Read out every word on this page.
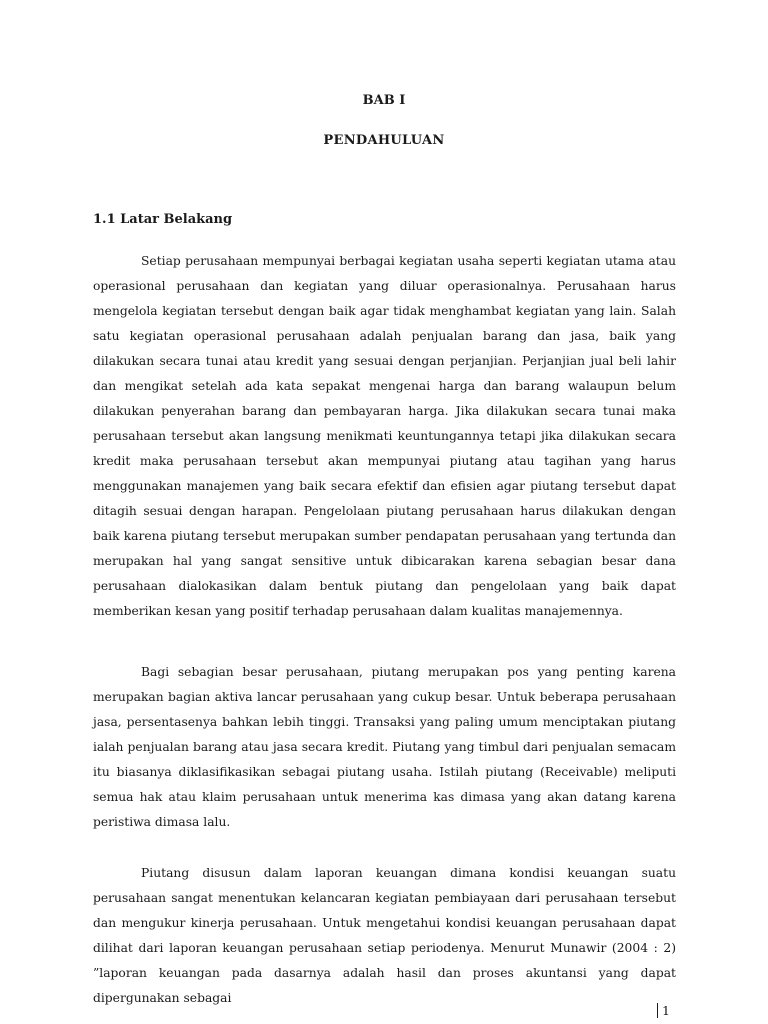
BAB I
PENDAHULUAN
1.1 Latar Belakang

Setiap perusahaan mempunyai berbagai kegiatan usaha seperti kegiatan utama atau operasional perusahaan dan kegiatan yang diluar operasionalnya. Perusahaan harus mengelola kegiatan tersebut dengan baik agar tidak menghambat kegiatan yang lain. Salah satu kegiatan operasional perusahaan adalah penjualan barang dan jasa, baik yang dilakukan secara tunai atau kredit yang sesuai dengan perjanjian. Perjanjian jual beli lahir dan mengikat setelah ada kata sepakat mengenai harga dan barang walaupun belum dilakukan penyerahan barang dan pembayaran harga. Jika dilakukan secara tunai maka perusahaan tersebut akan langsung menikmati keuntungannya tetapi jika dilakukan secara kredit maka perusahaan tersebut akan mempunyai piutang atau tagihan yang harus menggunakan manajemen yang baik secara efektif dan efisien agar piutang tersebut dapat ditagih sesuai dengan harapan. Pengelolaan piutang perusahaan harus dilakukan dengan baik karena piutang tersebut merupakan sumber pendapatan perusahaan yang tertunda dan merupakan hal yang sangat sensitive untuk dibicarakan karena sebagian besar dana perusahaan dialokasikan dalam bentuk piutang dan pengelolaan yang baik dapat memberikan kesan yang positif terhadap perusahaan dalam kualitas manajemennya.

Bagi sebagian besar perusahaan, piutang merupakan pos yang penting karena merupakan bagian aktiva lancar perusahaan yang cukup besar. Untuk beberapa perusahaan jasa, persentasenya bahkan lebih tinggi. Transaksi yang paling umum menciptakan piutang ialah penjualan barang atau jasa secara kredit. Piutang yang timbul dari penjualan semacam itu biasanya diklasifikasikan sebagai piutang usaha. Istilah piutang (Receivable) meliputi semua hak atau klaim perusahaan untuk menerima kas dimasa yang akan datang karena peristiwa dimasa lalu.

Piutang disusun dalam laporan keuangan dimana kondisi keuangan suatu perusahaan sangat menentukan kelancaran kegiatan pembiayaan dari perusahaan tersebut dan mengukur kinerja perusahaan. Untuk mengetahui kondisi keuangan perusahaan dapat dilihat dari laporan keuangan perusahaan setiap periodenya. Menurut Munawir (2004 : 2) ”laporan keuangan pada dasarnya adalah hasil dan proses akuntansi yang dapat dipergunakan sebagai

1
